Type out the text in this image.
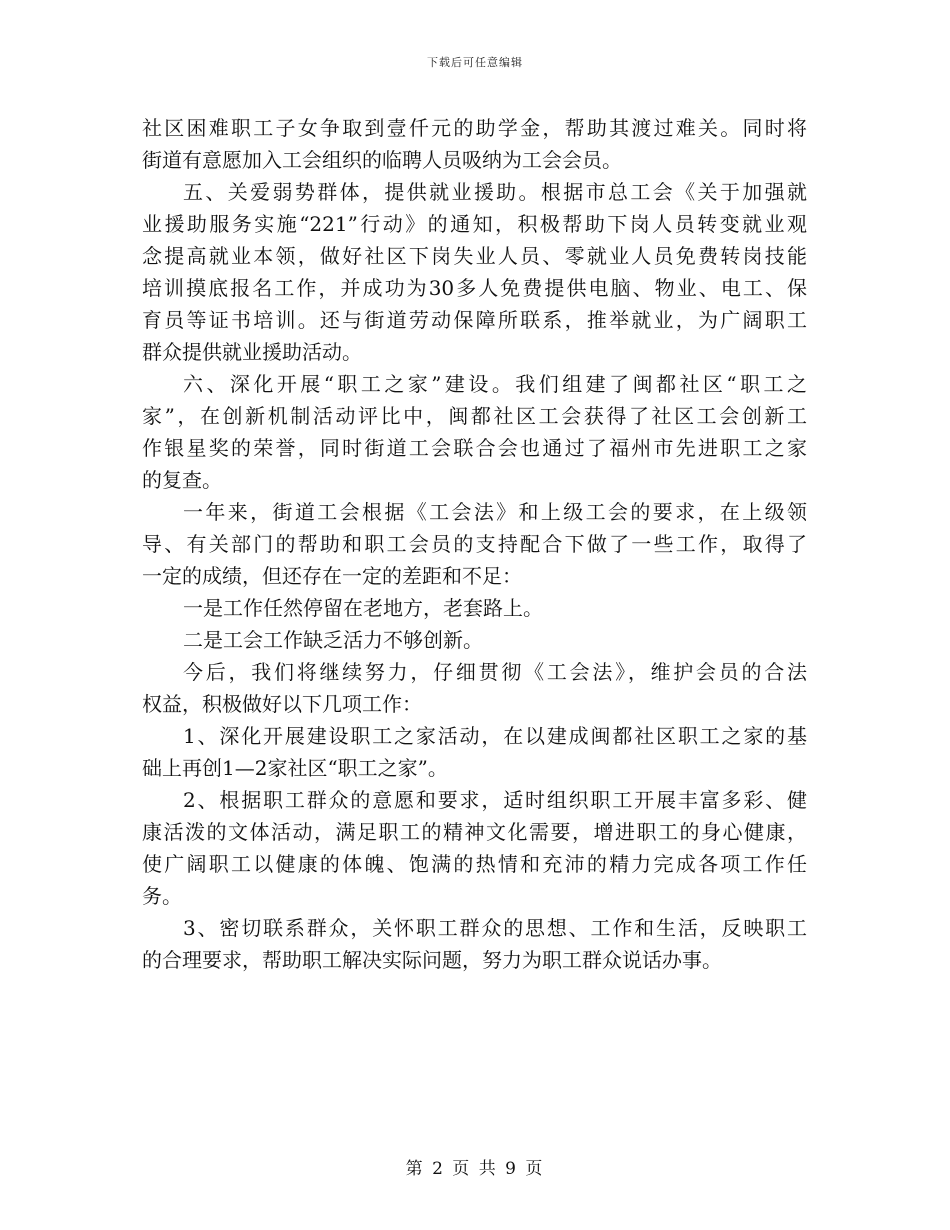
下载后可任意编辑
社区困难职工子女争取到壹仟元的助学金，帮助其渡过难关。同时将
街道有意愿加入工会组织的临聘人员吸纳为工会会员。
五、关爱弱势群体，提供就业援助。根据市总工会《关于加强就
业援助服务实施“221”行动》的通知，积极帮助下岗人员转变就业观
念提高就业本领，做好社区下岗失业人员、零就业人员免费转岗技能
培训摸底报名工作，并成功为30多人免费提供电脑、物业、电工、保
育员等证书培训。还与街道劳动保障所联系，推举就业，为广阔职工
群众提供就业援助活动。
六、深化开展“职工之家”建设。我们组建了闽都社区“职工之
家”，在创新机制活动评比中，闽都社区工会获得了社区工会创新工
作银星奖的荣誉，同时街道工会联合会也通过了福州市先进职工之家
的复查。
一年来，街道工会根据《工会法》和上级工会的要求，在上级领
导、有关部门的帮助和职工会员的支持配合下做了一些工作，取得了
一定的成绩，但还存在一定的差距和不足：
一是工作任然停留在老地方，老套路上。
二是工会工作缺乏活力不够创新。
今后，我们将继续努力，仔细贯彻《工会法》，维护会员的合法
权益，积极做好以下几项工作：
1、深化开展建设职工之家活动，在以建成闽都社区职工之家的基
础上再创1—2家社区“职工之家”。
2、根据职工群众的意愿和要求，适时组织职工开展丰富多彩、健
康活泼的文体活动，满足职工的精神文化需要，增进职工的身心健康，
使广阔职工以健康的体魄、饱满的热情和充沛的精力完成各项工作任
务。
3、密切联系群众，关怀职工群众的思想、工作和生活，反映职工
的合理要求，帮助职工解决实际问题，努力为职工群众说话办事。
第 2 页 共 9 页
